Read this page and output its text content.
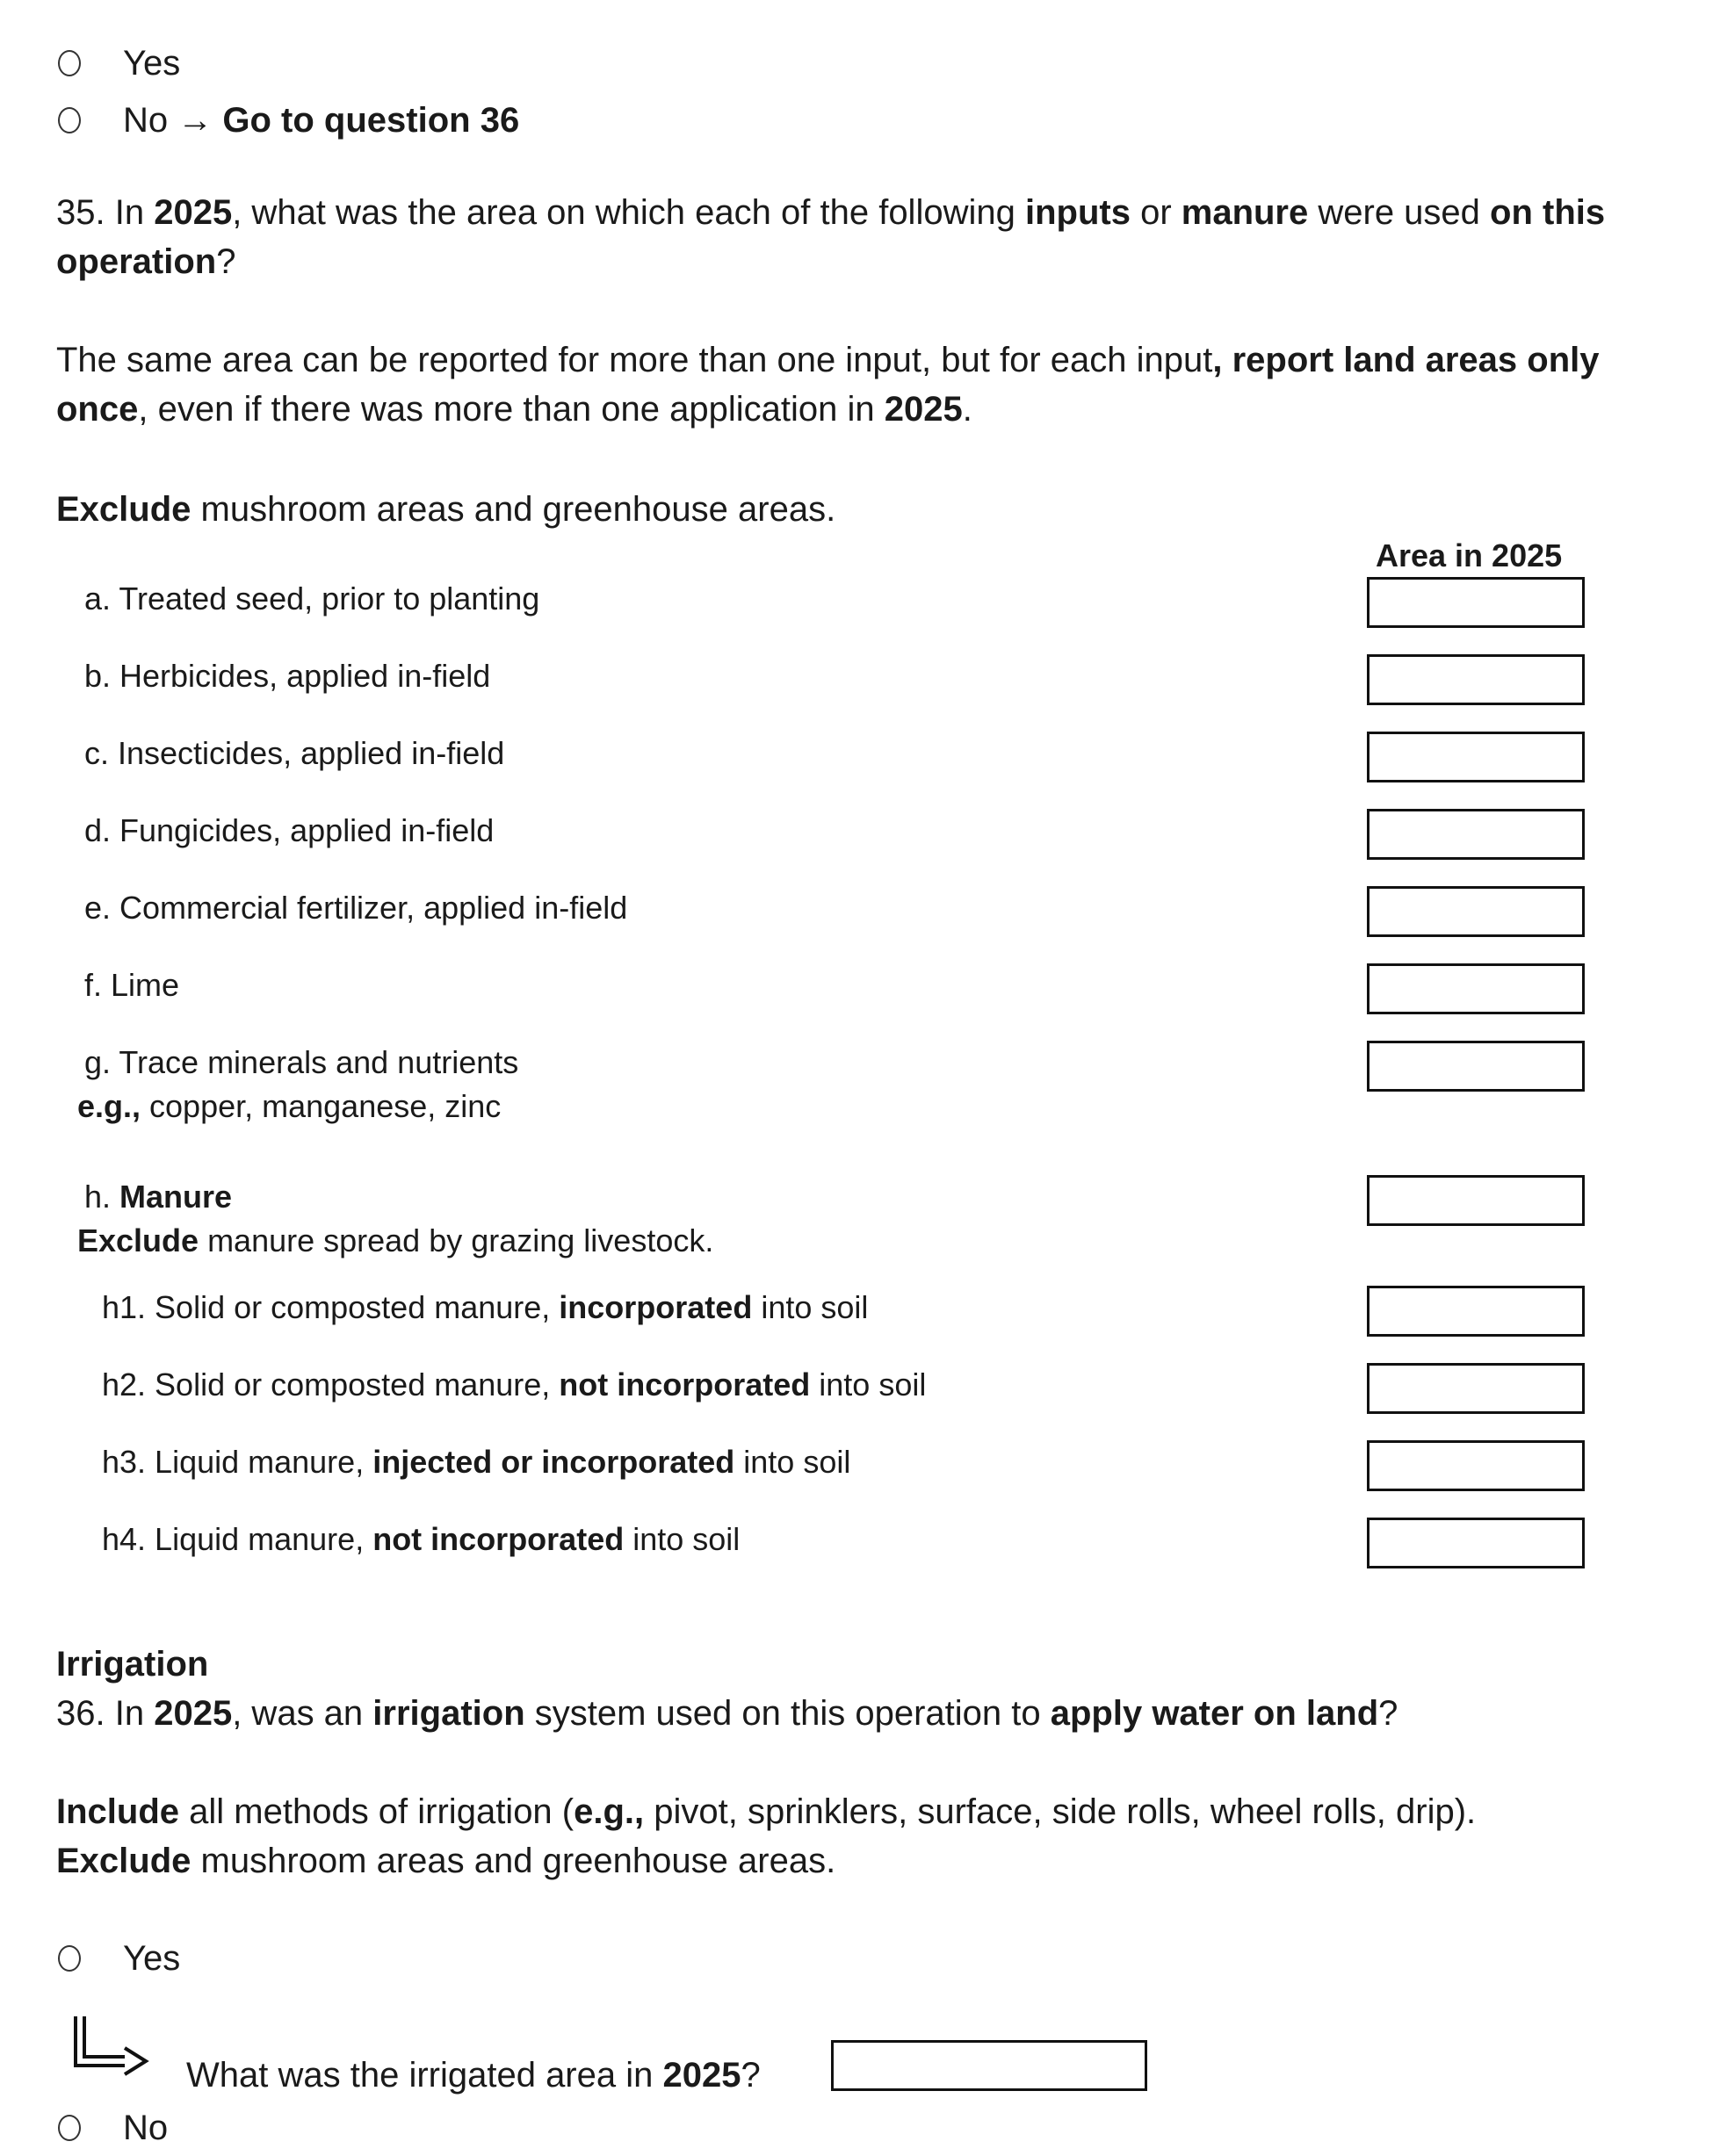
Yes
No → Go to question 36
35. In 2025, what was the area on which each of the following inputs or manure were used on this
operation?
The same area can be reported for more than one input, but for each input, report land areas only
once, even if there was more than one application in 2025.
Exclude mushroom areas and greenhouse areas.
Area in 2025
a. Treated seed, prior to planting
b. Herbicides, applied in-field
c. Insecticides, applied in-field
d. Fungicides, applied in-field
e. Commercial fertilizer, applied in-field
f. Lime
g. Trace minerals and nutrients
e.g., copper, manganese, zinc
h. Manure
Exclude manure spread by grazing livestock.
h1. Solid or composted manure, incorporated into soil
h2. Solid or composted manure, not incorporated into soil
h3. Liquid manure, injected or incorporated into soil
h4. Liquid manure, not incorporated into soil
Irrigation
36. In 2025, was an irrigation system used on this operation to apply water on land?
Include all methods of irrigation (e.g., pivot, sprinklers, surface, side rolls, wheel rolls, drip).
Exclude mushroom areas and greenhouse areas.
Yes
What was the irrigated area in 2025?
No
